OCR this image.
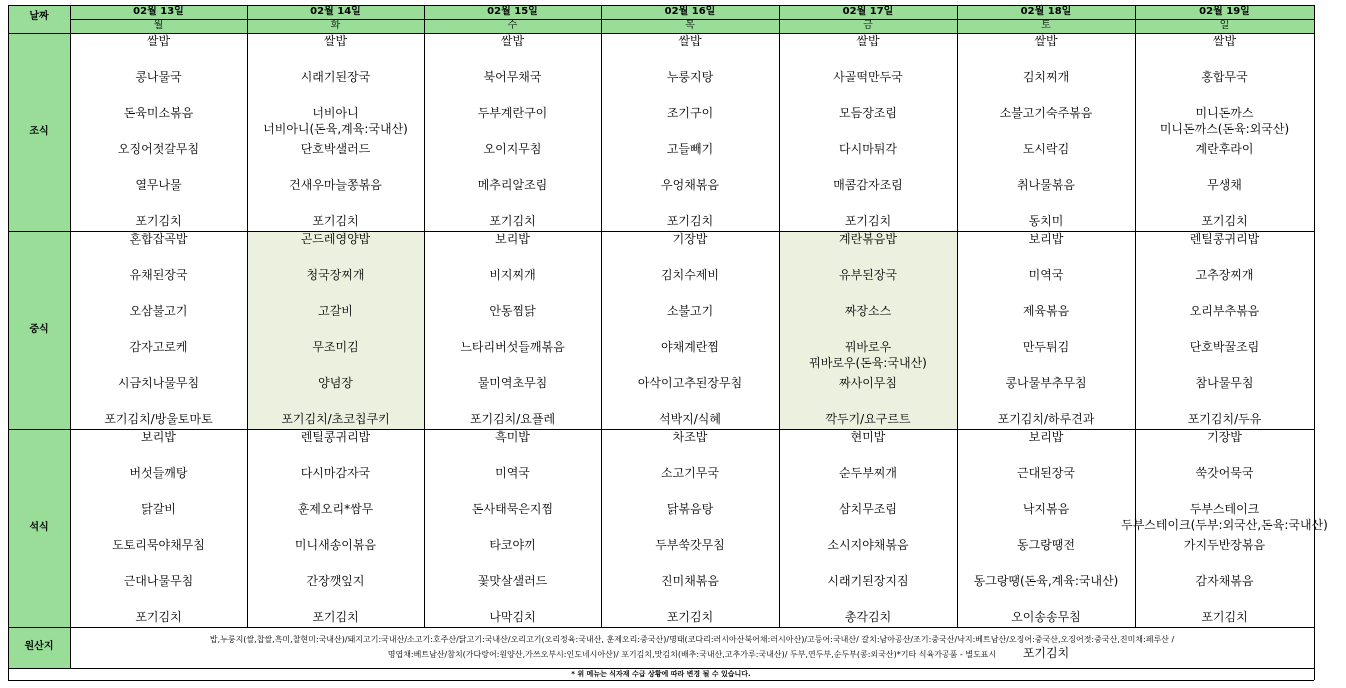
날짜	02월 13일
월
02월 14일
화
02월 15일
수
02월 16일
목
02월 17일
금
02월 18일
토
02월 19일
일
조식
쌀밥
콩나물국
돈육미소볶음
오징어젓갈무침
열무나물
포기김치
쌀밥
시래기된장국
너비아니
너비아니(돈육,계육:국내산)
단호박샐러드
건새우마늘쫑볶음
포기김치
쌀밥
북어무채국
두부계란구이
오이지무침
메추리알조림
포기김치
쌀밥
누룽지탕
조기구이
고들빼기
우엉채볶음
포기김치
쌀밥
사골떡만두국
모듬장조림
다시마튀각
매콤감자조림
포기김치
쌀밥
김치찌개
소불고기숙주볶음
도시락김
취나물볶음
동치미
쌀밥
홍합무국
미니돈까스
미니돈까스(돈육:외국산)
계란후라이
무생채
포기김치
중식
혼합잡곡밥
유채된장국
오삼불고기
감자고로케
시금치나물무침
포기김치/방울토마토
곤드레영양밥
청국장찌개
고갈비
무조미김
양념장
포기김치/초코칩쿠키
보리밥
비지찌개
안동찜닭
느타리버섯들깨볶음
물미역초무침
포기김치/요플레
기장밥
김치수제비
소불고기
야채계란찜
아삭이고추된장무침
석박지/식혜
계란볶음밥
유부된장국
짜장소스
꿔바로우
꿔바로우(돈육:국내산)
짜사이무침
깍두기/요구르트
보리밥
미역국
제육볶음
만두튀김
콩나물부추무침
포기김치/하루견과
렌틸콩귀리밥
고추장찌개
오리부추볶음
단호박꿀조림
참나물무침
포기김치/두유
석식
보리밥
버섯들깨탕
닭갈비
도토리묵야채무침
근대나물무침
포기김치
렌틸콩귀리밥
다시마감자국
훈제오리*쌈무
미니새송이볶음
간장깻잎지
포기김치
흑미밥
미역국
돈사태묵은지찜
타코야끼
꽃맛살샐러드
나막김치
차조밥
소고기무국
닭볶음탕
두부쑥갓무침
진미채볶음
포기김치
현미밥
순두부찌개
삼치무조림
소시지야채볶음
시래기된장지짐
총각김치
보리밥
근대된장국
낙지볶음
동그랑땡전
동그랑땡(돈육,계육:국내산)
오이송송무침
포기김치
기장밥
쑥갓어묵국
두부스테이크
두부스테이크(두부:외국산,돈육:국내산)
가지두반장볶음
감자채볶음
포기김치
원산지
밥,누룽지(쌀,찹쌀,흑미,찰현미:국내산)/돼지고기:국내산/소고기:호주산/닭고기:국내산/오리고기(오리정육:국내산, 훈제오리:중국산)/명태(코다리:러시아산북어채:러시아산)/고등어:국내산/ 갈치:남아공산/조기:중국산/낙지:베트남산/오징어:중국산,오징어젓:중국산,진미채:페루산 /
명엽채:베트남산/참치(가다랑어:원양산,가쓰오부시:인도네시아산)/ 포기김치,맛김치(배추:국내산,고추가루:국내산)/ 두부,연두부,순두부(콩:외국산)*기타 식육가공품 - 별도표시
* 위 메뉴는 식자재 수급 상황에 따라 변경 될 수 있습니다.
